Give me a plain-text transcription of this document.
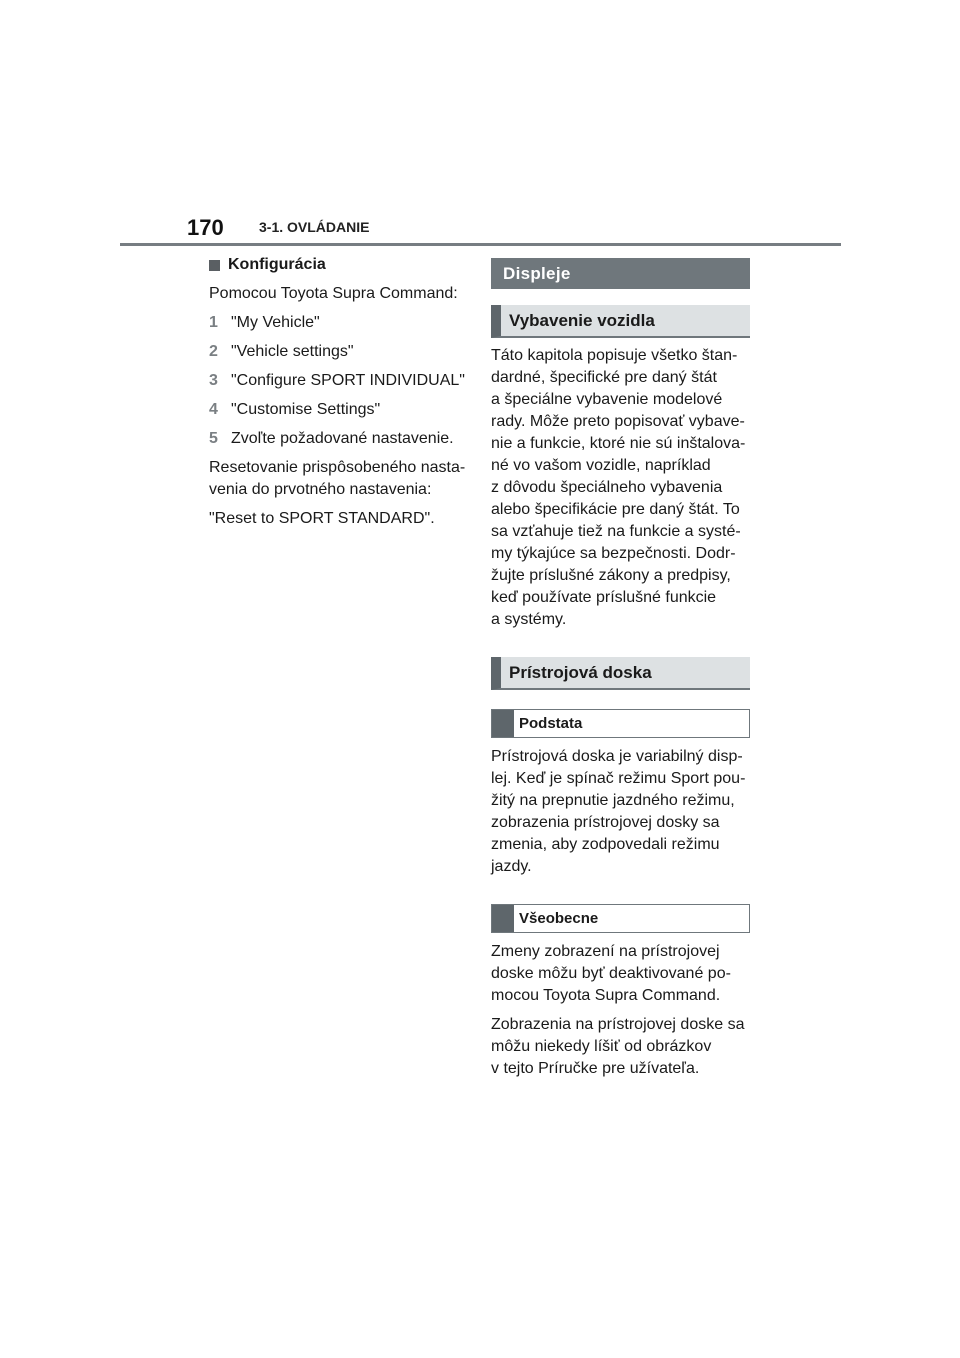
170	3-1. OVLÁDANIE
Konfigurácia

Pomocou Toyota Supra Command:

1 "My Vehicle"
2 "Vehicle settings"
3 "Configure SPORT INDIVIDUAL"
4 "Customise Settings"
5 Zvoľte požadované nastavenie.

Resetovanie prispôsobeného nasta-
venia do prvotného nastavenia:

"Reset to SPORT STANDARD".

Displeje
Vybavenie vozidla

Táto kapitola popisuje všetko štan-
dardné, špecifické pre daný štát
a špeciálne vybavenie modelové
rady. Môže preto popisovať vybave-
nie a funkcie, ktoré nie sú inštalova-
né vo vašom vozidle, napríklad
z dôvodu špeciálneho vybavenia
alebo špecifikácie pre daný štát. To
sa vzťahuje tiež na funkcie a systé-
my týkajúce sa bezpečnosti. Dodr-
žujte príslušné zákony a predpisy,
keď používate príslušné funkcie
a systémy.

Prístrojová doska
Podstata

Prístrojová doska je variabilný disp-
lej. Keď je spínač režimu Sport pou-
žitý na prepnutie jazdného režimu,
zobrazenia prístrojovej dosky sa
zmenia, aby zodpovedali režimu
jazdy.

Všeobecne

Zmeny zobrazení na prístrojovej
doske môžu byť deaktivované po-
mocou Toyota Supra Command.

Zobrazenia na prístrojovej doske sa
môžu niekedy líšiť od obrázkov
v tejto Príručke pre užívateľa.
